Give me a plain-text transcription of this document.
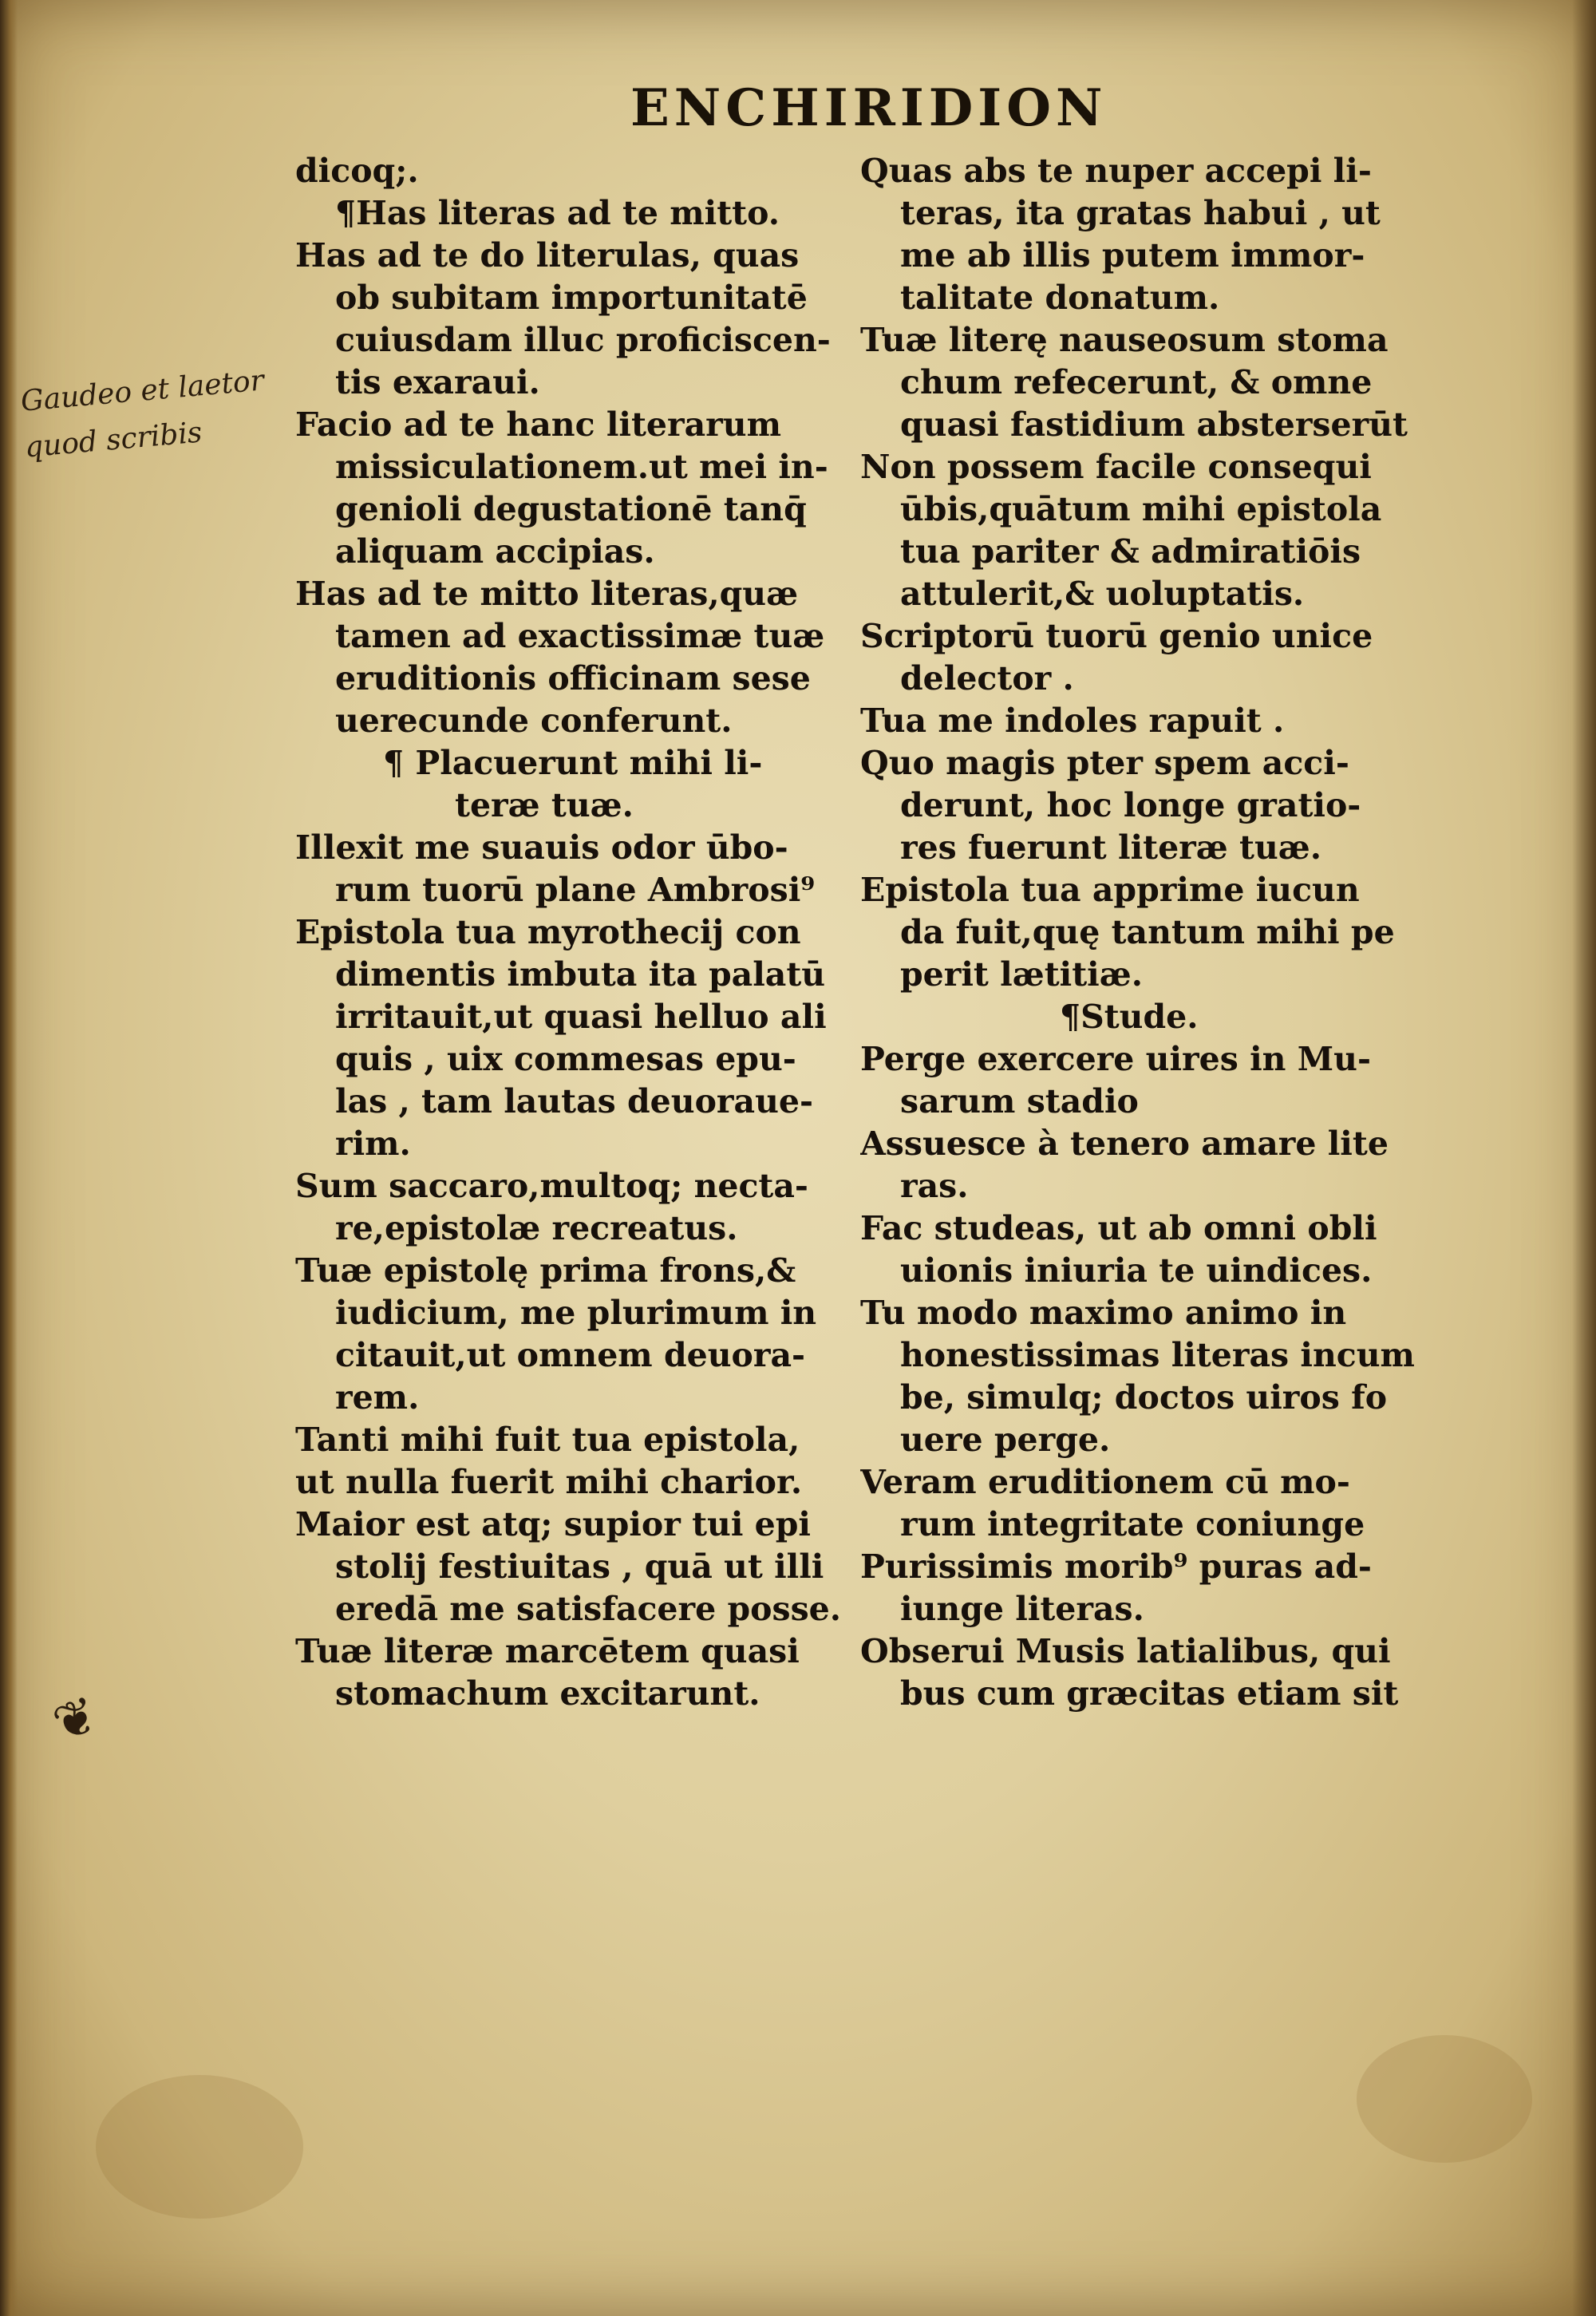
ENCHIRIDION
Gaudeo et laetor
quod scribis
❦
dicoq;.
¶Has literas ad te mitto.
Has ad te do literulas, quas
ob subitam importunitatē
cuiusdam illuc proficiscen-
tis exaraui.
Facio ad te hanc literarum
missiculationem.ut mei in-
genioli degustationē tanq̄
aliquam accipias.
Has ad te mitto literas,quæ
tamen ad exactissimæ tuæ
eruditionis officinam sese
uerecunde conferunt.
¶ Placuerunt mihi li-
teræ tuæ.
Illexit me suauis odor ūbo-
rum tuorū plane Ambrosi⁹
Epistola tua myrothecij con
dimentis imbuta ita palatū
irritauit,ut quasi helluo ali
quis , uix commesas epu-
las , tam lautas deuoraue-
rim.
Sum saccaro,multoq; necta-
re,epistolæ recreatus.
Tuæ epistolę prima frons,&
iudicium, me plurimum in
citauit,ut omnem deuora-
rem.
Tanti mihi fuit tua epistola,
ut nulla fuerit mihi charior.
Maior est atq; supior tui epi
stolij festiuitas , quā ut illi
eredā me satisfacere posse.
Tuæ literæ marcētem quasi
stomachum excitarunt.
Quas abs te nuper accepi li-
teras, ita gratas habui , ut
me ab illis putem immor-
talitate donatum.
Tuæ literę nauseosum stoma
chum refecerunt, & omne
quasi fastidium absterserūt
Non possem facile consequi
ūbis,quātum mihi epistola
tua pariter & admiratiōis
attulerit,& uoluptatis.
Scriptorū tuorū genio unice
delector .
Tua me indoles rapuit .
Quo magis pter spem acci-
derunt, hoc longe gratio-
res fuerunt literæ tuæ.
Epistola tua apprime iucun
da fuit,quę tantum mihi pe
perit lætitiæ.
¶Stude.
Perge exercere uires in Mu-
sarum stadio
Assuesce à tenero amare lite
ras.
Fac studeas, ut ab omni obli
uionis iniuria te uindices.
Tu modo maximo animo in
honestissimas literas incum
be, simulq; doctos uiros fo
uere perge.
Veram eruditionem cū mo-
rum integritate coniunge
Purissimis morib⁹ puras ad-
iunge literas.
Obserui Musis latialibus, qui
bus cum græcitas etiam sit
